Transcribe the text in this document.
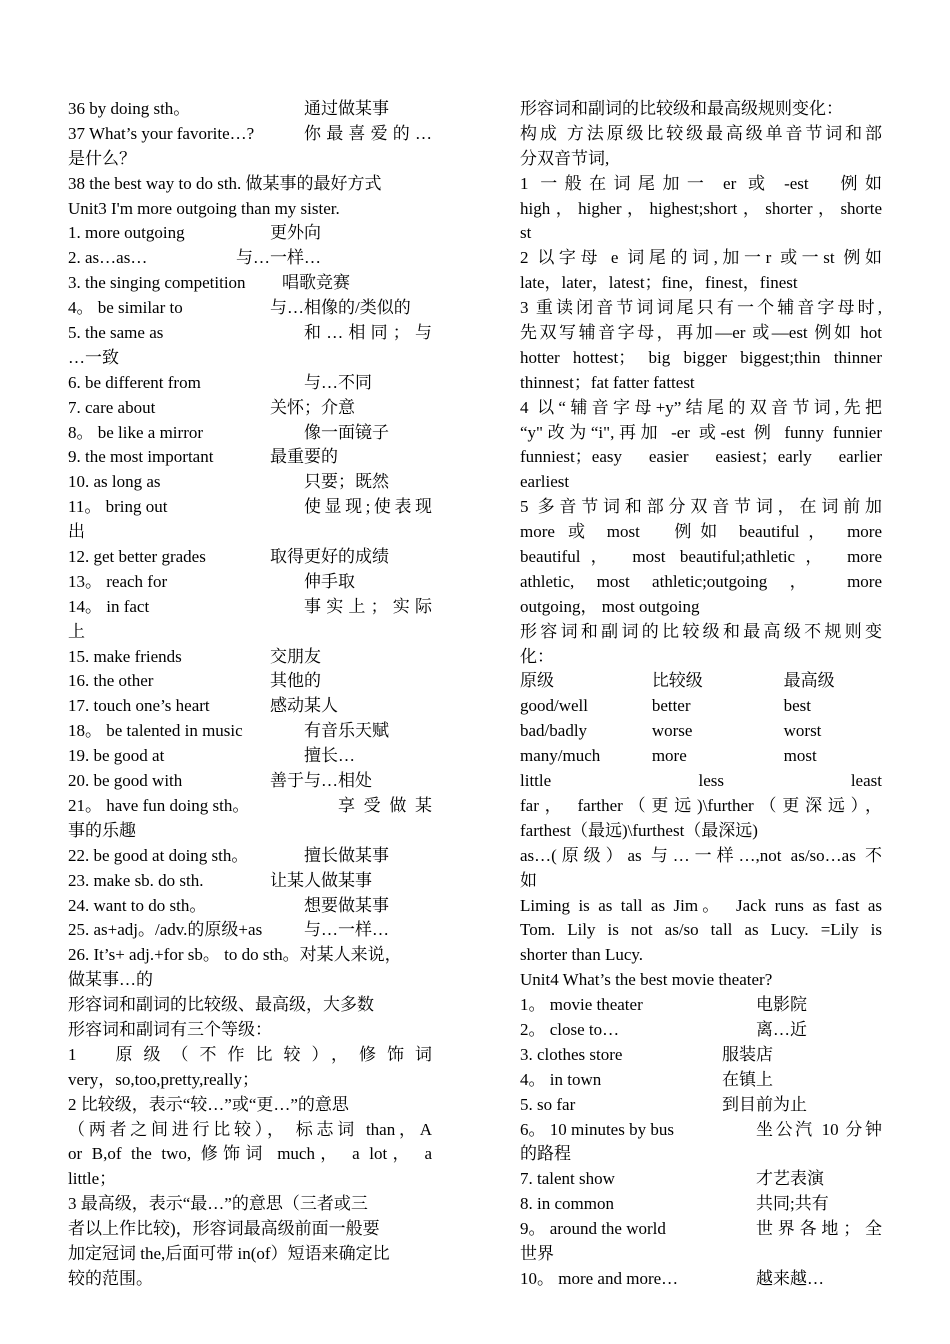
36 by doing sth。	通过做某事
37 What’s your favorite…?	你最喜爱的…
是什么？
38 the best way to do sth. 做某事的最好方式
Unit3 I'm more outgoing than my sister.
1. more outgoing	更外向
2. as…as…	与…一样…
3. the singing competition	唱歌竞赛
4。 be similar to	与…相像的/类似的
5. the same as	和…相同；与
…一致
6. be different from	与…不同
7. care about	关怀；介意
8。 be like a mirror	像一面镜子
9. the most important	最重要的
10. as long as	只要；既然
11。 bring out	使显现;使表现
出
12. get better grades	取得更好的成绩
13。 reach for	伸手取
14。 in fact	事实上；实际
上
15. make friends	交朋友
16. the other	其他的
17. touch one’s heart	感动某人
18。 be talented in music	有音乐天赋
19. be good at	擅长…
20. be good with	善于与…相处
21。 have fun doing sth。	享受做某
事的乐趣
22. be good at doing sth。	擅长做某事
23. make sb. do sth.	让某人做某事
24. want to do sth。	想要做某事
25. as+adj。/adv.的原级+as	与…一样…
26. It’s+ adj.+for sb。 to do sth。对某人来说，
做某事…的
形容词和副词的比较级、最高级，大多数
形容词和副词有三个等级：
1　原级（不作比较），修饰词
very，so,too,pretty,really；
2 比较级，表示“较…”或“更…”的意思
（两者之间进行比较）， 标志词 than，A
or B,of the two, 修饰词 much， a lot， a
little；
3 最高级，表示“最…”的意思（三者或三
者以上作比较)，形容词最高级前面一般要
加定冠词 the,后面可带 in(of）短语来确定比
较的范围。
形容词和副词的比较级和最高级规则变化：
构成 方法原级比较级最高级单音节词和部
分双音节词,
1 一般在词尾加一 er 或 -est　例如
high，higher，highest;short，shorter，shorte
st
2 以字母 e 词尾的词,加一r 或一st 例如
late，later，latest；fine，finest，finest
3 重读闭音节词词尾只有一个辅音字母时,
先双写辅音字母，再加—er 或—est 例如 hot
hotter hottest； big bigger biggest;thin thinner
thinnest；fat fatter fattest
4 以“辅音字母+y”结尾的双音节词,先把
“y"改为“i",再加 -er 或-est 例 funny funnier
funniest；easy easier easiest；early earlier
earliest
5 多音节词和部分双音节词，在词前加
more 或 most　例如 beautiful， more
beautiful， most beautiful;athletic， more
athletic, most athletic;outgoing ， more
outgoing， most outgoing
形容词和副词的比较级和最高级不规则变
化：
原级	比较级	最高级
good/well	better	best
bad/badly	worse	worst
many/much	more	most
little　　　　　　　less　　　　　　least
far， farther（更远)\further（更深远），
farthest（最远)\furthest（最深远)
as…(原级）as 与…一样…,not as/so…as 不
如
Liming is as tall as Jim。　Jack runs as fast as
Tom. Lily is not as/so tall as Lucy. =Lily is
shorter than Lucy.
Unit4 What’s the best movie theater?
1。 movie theater	电影院
2。 close to…	离…近
3. clothes store	服装店
4。 in town	在镇上
5. so far	到目前为止
6。 10 minutes by bus	坐公汽 10 分钟
的路程
7. talent show	才艺表演
8. in common	共同;共有
9。 around the world	世界各地；全
世界
10。 more and more…	越来越…
